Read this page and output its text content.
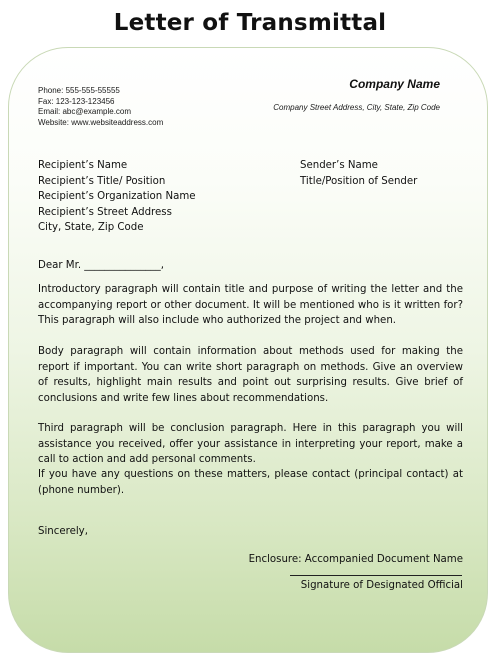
Letter of Transmittal
Phone: 555-555-55555
Fax: 123-123-123456
Email: abc@example.com
Website: www.websiteaddress.com
Company Name
Company Street Address, City, State, Zip Code
Recipient’s Name
Recipient’s Title/ Position
Recipient’s Organization Name
Recipient’s Street Address
City, State, Zip Code
Sender’s Name
Title/Position of Sender
Dear Mr. _______________,

Introductory paragraph will contain title and purpose of writing the letter and the accompanying report or other document. It will be mentioned who is it written for? This paragraph will also include who authorized the project and when.

Body paragraph will contain information about methods used for making the report if important. You can write short paragraph on methods. Give an overview of results, highlight main results and point out surprising results. Give brief of conclusions and write few lines about recommendations.

Third paragraph will be conclusion paragraph. Here in this paragraph you will assistance you received, offer your assistance in interpreting your report, make a call to action and add personal comments.

If you have any questions on these matters, please contact (principal contact) at (phone number).

Sincerely,
Enclosure: Accompanied Document Name
Signature of Designated Official
